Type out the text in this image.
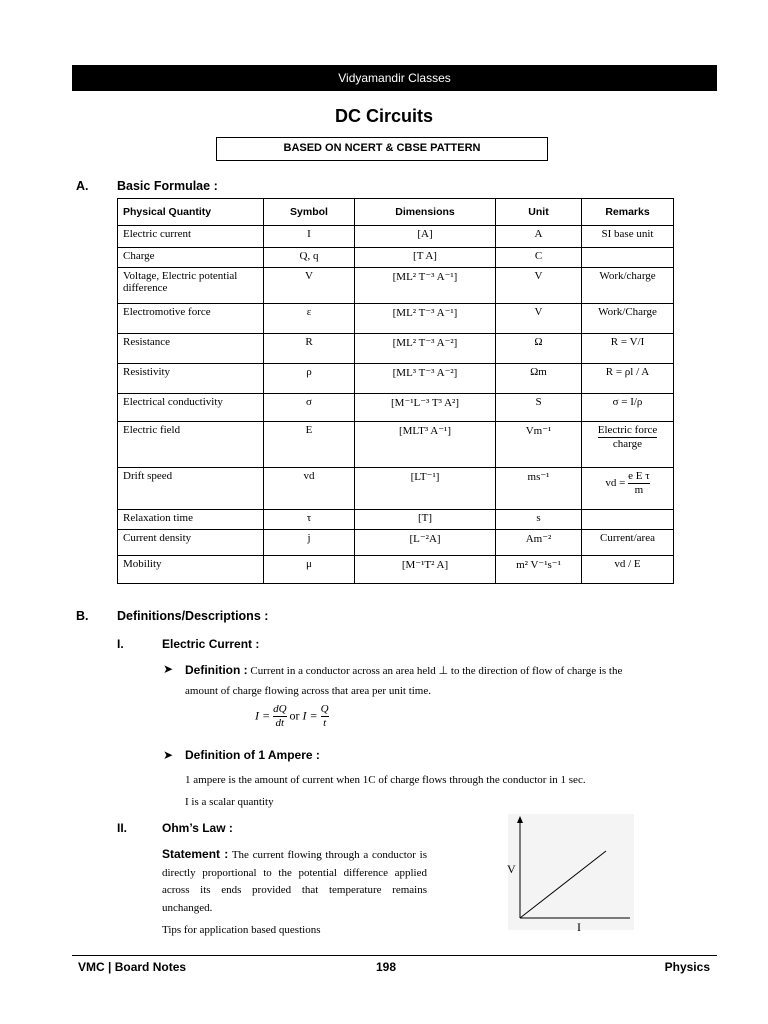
Vidyamandir Classes
DC Circuits
BASED ON NCERT & CBSE PATTERN
A. Basic Formulae :
Physical Quantity	Symbol	Dimensions	Unit	Remarks
Electric current	I	[A]	A	SI base unit
Charge	Q, q	[T A]	C	
Voltage, Electric potential difference	V	[ML² T⁻³ A⁻¹]	V	Work/charge
Electromotive force	ε	[ML² T⁻³ A⁻¹]	V	Work/Charge
Resistance	R	[ML² T⁻³ A⁻²]	Ω	R = V/I
Resistivity	ρ	[ML³ T⁻³ A⁻²]	Ωm	R = ρl / A
Electrical conductivity	σ	[M⁻¹L⁻³ T³ A²]	S	σ = I/ρ
Electric field	E	[MLT³ A⁻¹]	Vm⁻¹	$\frac{\text{Electric force}}{\text{charge}}$

Drift speed	vd	[LT⁻¹]	ms⁻¹	vd = $\frac{\text{e E τ}}{m}$

Relaxation time	τ	[T]	s	
Current density	j	[L⁻²A]	Am⁻²	Current/area
Mobility	μ	[M⁻¹T² A]	m² V⁻¹s⁻¹	vd / E
B. Definitions/Descriptions :
I.	Electric Current :
➤ Definition : Current in a conductor across an area held ⊥ to the direction of flow of charge is the
amount of charge flowing across that area per unit time.
$I = \frac{dQ}{dt}$ or $I = \frac{Q}{t}$
➤ Definition of 1 Ampere :
1 ampere is the amount of current when 1C of charge flows through the conductor in 1 sec.
I is a scalar quantity
II.	Ohm’s Law :
Statement : The current flowing through a conductor is directly proportional to the potential difference applied across its ends provided that temperature remains unchanged.
Tips for application based questions
V
I
VMC | Board Notes	198	Physics
